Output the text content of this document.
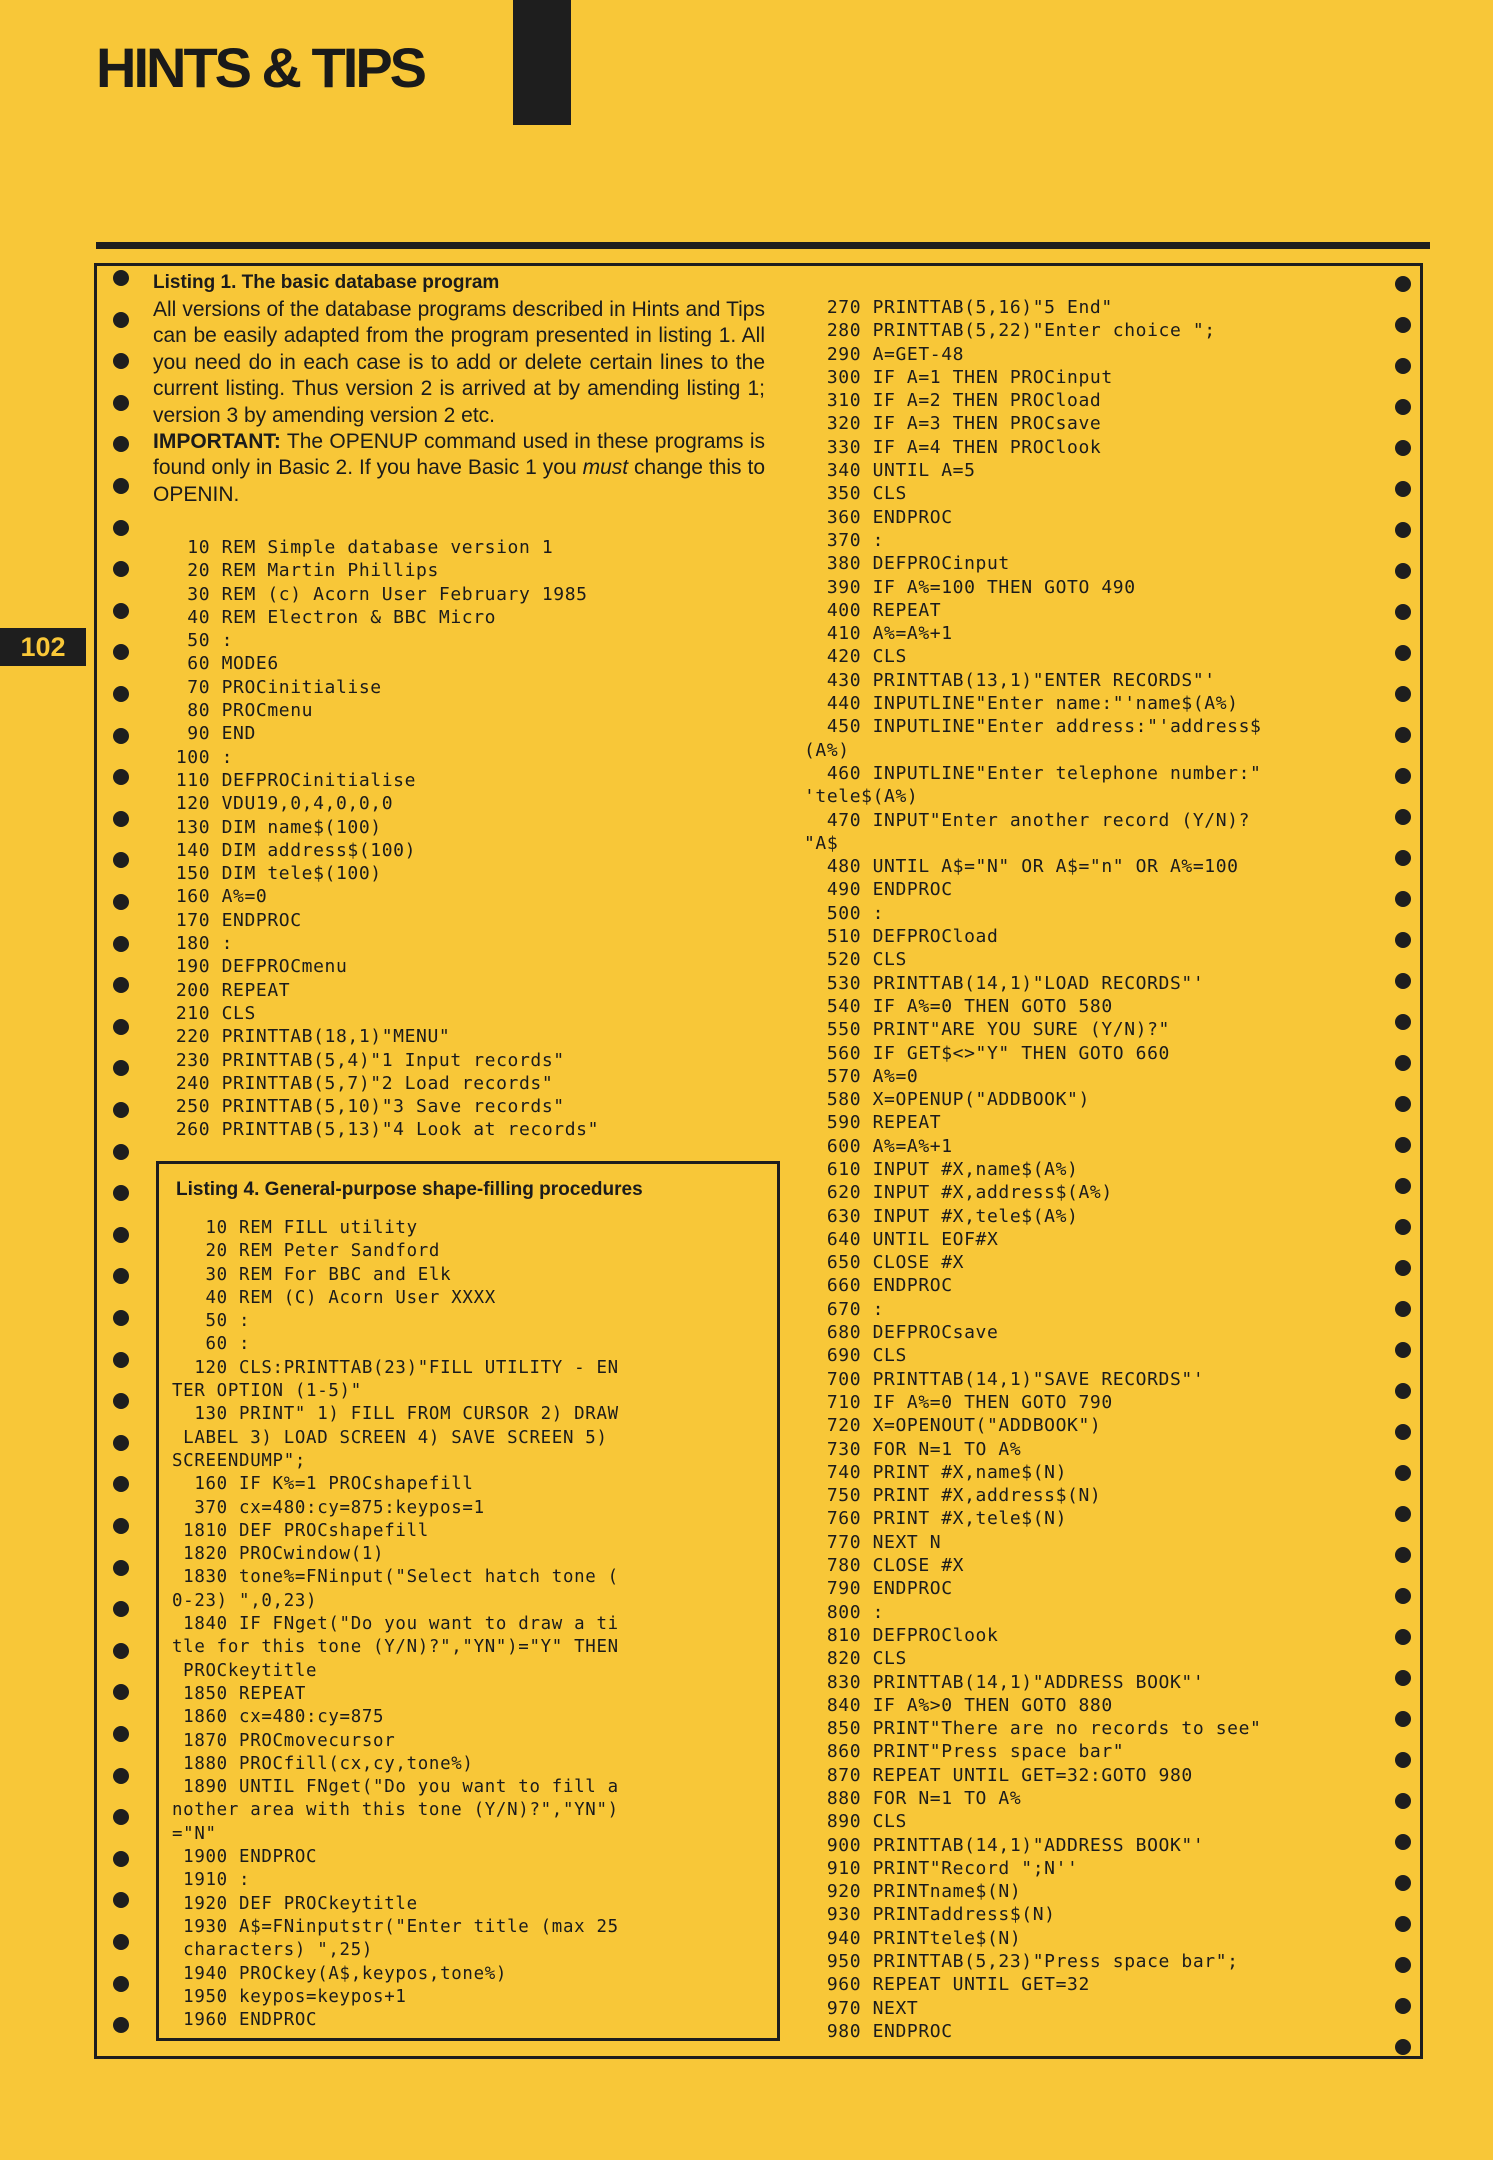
HINTS & TIPS
102

Listing 1. The basic database program

All versions of the database programs described in Hints and Tips can be easily adapted from the program presented in listing 1. All you need do in each case is to add or delete certain lines to the current listing. Thus version 2 is arrived at by amending listing 1; version 3 by amending version 2 etc.
IMPORTANT: The OPENUP command used in these programs is found only in Basic 2. If you have Basic 1 you must change this to OPENIN.

10 REM Simple database version 1
20 REM Martin Phillips
30 REM (c) Acorn User February 1985
40 REM Electron & BBC Micro
50 :
60 MODE6
70 PROCinitialise
80 PROCmenu
90 END
100 :
110 DEFPROCinitialise
120 VDU19,0,4,0,0,0
130 DIM name$(100)
140 DIM address$(100)
150 DIM tele$(100)
160 A%=0
170 ENDPROC
180 :
190 DEFPROCmenu
200 REPEAT
210 CLS
220 PRINTTAB(18,1)"MENU"
230 PRINTTAB(5,4)"1 Input records"
240 PRINTTAB(5,7)"2 Load records"
250 PRINTTAB(5,10)"3 Save records"
260 PRINTTAB(5,13)"4 Look at records"
270 PRINTTAB(5,16)"5 End"
280 PRINTTAB(5,22)"Enter choice ";
290 A=GET-48
300 IF A=1 THEN PROCinput
310 IF A=2 THEN PROCload
320 IF A=3 THEN PROCsave
330 IF A=4 THEN PROClook
340 UNTIL A=5
350 CLS
360 ENDPROC
370 :
380 DEFPROCinput
390 IF A%=100 THEN GOTO 490
400 REPEAT
410 A%=A%+1
420 CLS
430 PRINTTAB(13,1)"ENTER RECORDS"'
440 INPUTLINE"Enter name:"'name$(A%)
450 INPUTLINE"Enter address:"'address$
(A%)
460 INPUTLINE"Enter telephone number:"
'tele$(A%)
470 INPUT"Enter another record (Y/N)?
"A$
480 UNTIL A$="N" OR A$="n" OR A%=100
490 ENDPROC
500 :
510 DEFPROCload
520 CLS
530 PRINTTAB(14,1)"LOAD RECORDS"'
540 IF A%=0 THEN GOTO 580
550 PRINT"ARE YOU SURE (Y/N)?"
560 IF GET$<>"Y" THEN GOTO 660
570 A%=0
580 X=OPENUP("ADDBOOK")
590 REPEAT
600 A%=A%+1
610 INPUT #X,name$(A%)
620 INPUT #X,address$(A%)
630 INPUT #X,tele$(A%)
640 UNTIL EOF#X
650 CLOSE #X
660 ENDPROC
670 :
680 DEFPROCsave
690 CLS
700 PRINTTAB(14,1)"SAVE RECORDS"'
710 IF A%=0 THEN GOTO 790
720 X=OPENOUT("ADDBOOK")
730 FOR N=1 TO A%
740 PRINT #X,name$(N)
750 PRINT #X,address$(N)
760 PRINT #X,tele$(N)
770 NEXT N
780 CLOSE #X
790 ENDPROC
800 :
810 DEFPROClook
820 CLS
830 PRINTTAB(14,1)"ADDRESS BOOK"'
840 IF A%>0 THEN GOTO 880
850 PRINT"There are no records to see"
860 PRINT"Press space bar"
870 REPEAT UNTIL GET=32:GOTO 980
880 FOR N=1 TO A%
890 CLS
900 PRINTTAB(14,1)"ADDRESS BOOK"'
910 PRINT"Record ";N''
920 PRINTname$(N)
930 PRINTaddress$(N)
940 PRINTtele$(N)
950 PRINTTAB(5,23)"Press space bar";
960 REPEAT UNTIL GET=32
970 NEXT
980 ENDPROC

Listing 4. General-purpose shape-filling procedures

10 REM FILL utility
20 REM Peter Sandford
30 REM For BBC and Elk
40 REM (C) Acorn User XXXX
50 :
60 :
120 CLS:PRINTTAB(23)"FILL UTILITY - EN
TER OPTION (1-5)"
130 PRINT" 1) FILL FROM CURSOR 2) DRAW
LABEL 3) LOAD SCREEN 4) SAVE SCREEN 5)
SCREENDUMP";
160 IF K%=1 PROCshapefill
370 cx=480:cy=875:keypos=1
1810 DEF PROCshapefill
1820 PROCwindow(1)
1830 tone%=FNinput("Select hatch tone (
0-23) ",0,23)
1840 IF FNget("Do you want to draw a ti
tle for this tone (Y/N)?","YN")="Y" THEN
PROCkeytitle
1850 REPEAT
1860 cx=480:cy=875
1870 PROCmovecursor
1880 PROCfill(cx,cy,tone%)
1890 UNTIL FNget("Do you want to fill a
nother area with this tone (Y/N)?","YN")
="N"
1900 ENDPROC
1910 :
1920 DEF PROCkeytitle
1930 A$=FNinputstr("Enter title (max 25
characters) ",25)
1940 PROCkey(A$,keypos,tone%)
1950 keypos=keypos+1
1960 ENDPROC
